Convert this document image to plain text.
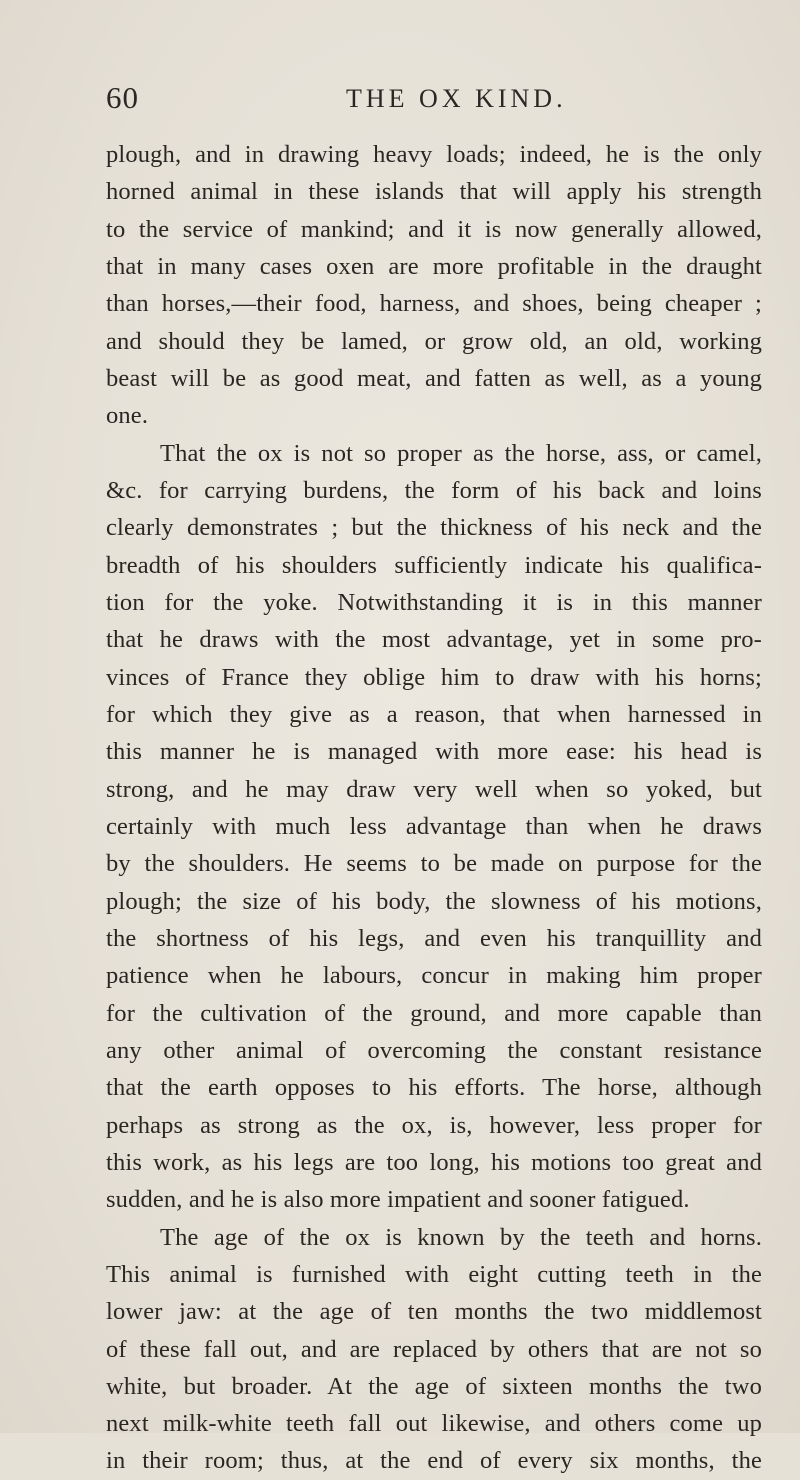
60	THE OX KIND.
plough, and in drawing heavy loads; indeed, he is the only
horned animal in these islands that will apply his strength
to the service of mankind; and it is now generally allowed,
that in many cases oxen are more profitable in the draught
than horses,—their food, harness, and shoes, being cheaper ;
and should they be lamed, or grow old, an old, working
beast will be as good meat, and fatten as well, as a young
one.
That the ox is not so proper as the horse, ass, or camel,
&c. for carrying burdens, the form of his back and loins
clearly demonstrates ; but the thickness of his neck and the
breadth of his shoulders sufficiently indicate his qualifica-
tion for the yoke. Notwithstanding it is in this manner
that he draws with the most advantage, yet in some pro-
vinces of France they oblige him to draw with his horns;
for which they give as a reason, that when harnessed in
this manner he is managed with more ease: his head is
strong, and he may draw very well when so yoked, but
certainly with much less advantage than when he draws
by the shoulders. He seems to be made on purpose for the
plough; the size of his body, the slowness of his motions,
the shortness of his legs, and even his tranquillity and
patience when he labours, concur in making him proper
for the cultivation of the ground, and more capable than
any other animal of overcoming the constant resistance
that the earth opposes to his efforts. The horse, although
perhaps as strong as the ox, is, however, less proper for
this work, as his legs are too long, his motions too great and
sudden, and he is also more impatient and sooner fatigued.
The age of the ox is known by the teeth and horns.
This animal is furnished with eight cutting teeth in the
lower jaw: at the age of ten months the two middlemost
of these fall out, and are replaced by others that are not so
white, but broader. At the age of sixteen months the two
next milk-white teeth fall out likewise, and others come up
in their room; thus, at the end of every six months, the
